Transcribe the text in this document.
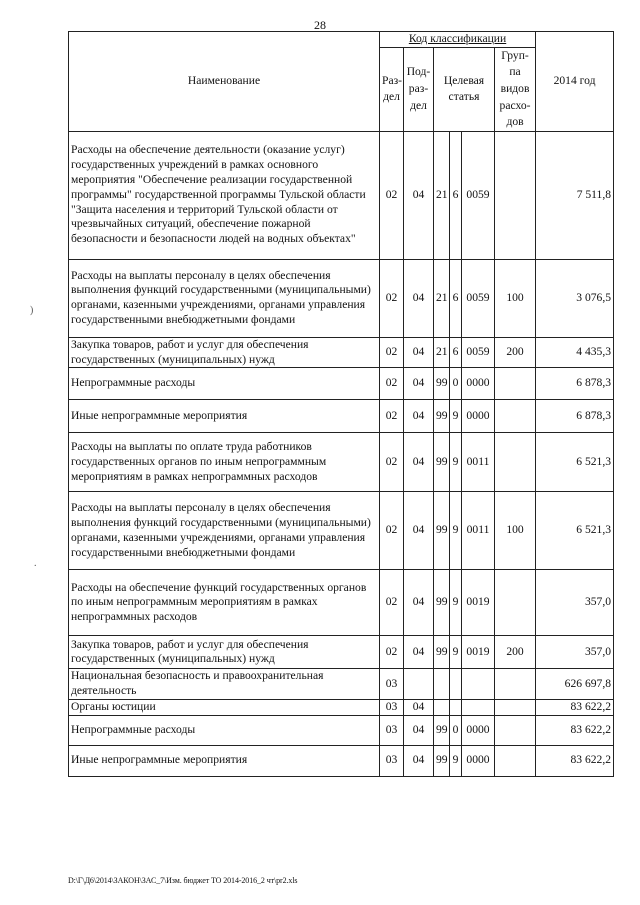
28
Наименование	Код классификации						2014 год
	Раз-дел	Под-раз-дел	Целевая статья			Груп-па видов расхо-дов	
Расходы на обеспечение деятельности (оказание услуг) государственных учреждений в рамках основного мероприятия "Обеспечение реализации государственной программы" государственной программы Тульской области "Защита населения и территорий Тульской области от чрезвычайных ситуаций, обеспечение пожарной безопасности и безопасности людей на водных объектах"	02	04	21	6	0059		7 511,8
Расходы на выплаты персоналу в целях обеспечения выполнения функций государственными (муниципальными) органами, казенными учреждениями, органами управления государственными внебюджетными фондами	02	04	21	6	0059	100	3 076,5
Закупка товаров, работ и услуг для обеспечения государственных (муниципальных) нужд	02	04	21	6	0059	200	4 435,3
Непрограммные расходы	02	04	99	0	0000		6 878,3
Иные непрограммные мероприятия	02	04	99	9	0000		6 878,3
Расходы на выплаты по оплате труда работников государственных органов по иным непрограммным мероприятиям в рамках непрограммных расходов	02	04	99	9	0011		6 521,3
Расходы на выплаты персоналу в целях обеспечения выполнения функций государственными (муниципальными) органами, казенными учреждениями, органами управления государственными внебюджетными фондами	02	04	99	9	0011	100	6 521,3
Расходы на обеспечение функций государственных органов по иным непрограммным мероприятиям в рамках непрограммных расходов	02	04	99	9	0019		357,0
Закупка товаров, работ и услуг для обеспечения государственных (муниципальных) нужд	02	04	99	9	0019	200	357,0
Национальная безопасность и правоохранительная деятельность	03						626 697,8
Органы юстиции	03	04					83 622,2
Непрограммные расходы	03	04	99	0	0000		83 622,2
Иные непрограммные мероприятия	03	04	99	9	0000		83 622,2
)
.
D:\Г\Д6\2014\ЗАКОН\ЗАС_7\Изм. бюджет ТО 2014-2016_2 чт\pr2.xls
